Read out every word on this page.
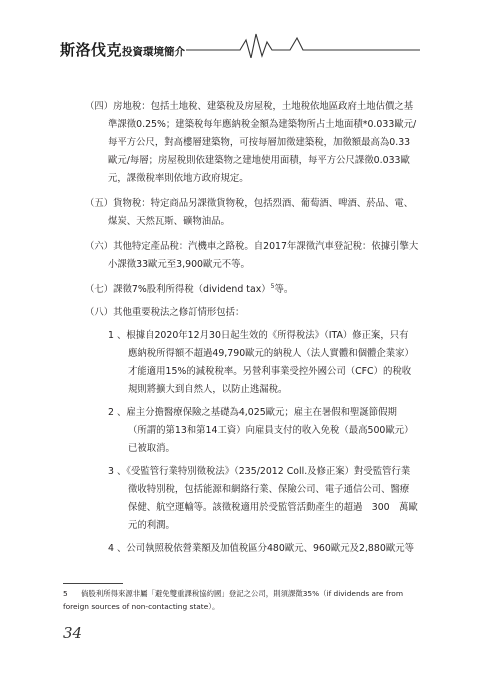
斯洛伐克投資環境簡介
（四）房地稅：包括土地稅、建築稅及房屋稅，土地稅依地區政府土地估價之基
準課徵0.25%；建築稅每年應納稅金額為建築物所占土地面積*0.033歐元/
每平方公尺，對高樓層建築物，可按每層加徵建築稅，加徵額最高為0.33
歐元/每層；房屋稅則依建築物之建地使用面積，每平方公尺課徵0.033歐
元，課徵稅率則依地方政府規定。
（五）貨物稅：特定商品另課徵貨物稅，包括烈酒、葡萄酒、啤酒、菸品、電、
煤炭、天然瓦斯、礦物油品。
（六）其他特定產品稅：汽機車之路稅。自2017年課徵汽車登記稅：依據引擎大
小課徵33歐元至3,900歐元不等。
（七）課徵7%股利所得稅（dividend tax）$^5$等。
（八）其他重要稅法之修訂情形包括：
1 、根據自2020年12月30日起生效的《所得稅法》（ITA）修正案，只有
應納稅所得額不超過49,790歐元的納稅人（法人實體和個體企業家）
才能適用15%的減稅稅率。另營利事業受控外國公司（CFC）的稅收
規則將擴大到自然人，以防止逃漏稅。
2 、雇主分擔醫療保險之基礎為4,025歐元；雇主在暑假和聖誕節假期
（所謂的第13和第14工資）向雇員支付的收入免稅（最高500歐元）
已被取消。
3 、《受監管行業特別徵稅法》（235/2012 Coll.及修正案）對受監管行業
徵收特別稅，包括能源和網絡行業、保險公司、電子通信公司、醫療
保健、航空運輸等。該徵稅適用於受監管活動產生的超過　300　萬歐
元的利潤。
4 、公司執照稅依營業額及加值稅區分480歐元、960歐元及2,880歐元等
5 倘股利所得來源非屬「避免雙重課稅協約國」登記之公司，則須課徵35%（if dividends are from
foreign sources of non-contacting state）。
34
